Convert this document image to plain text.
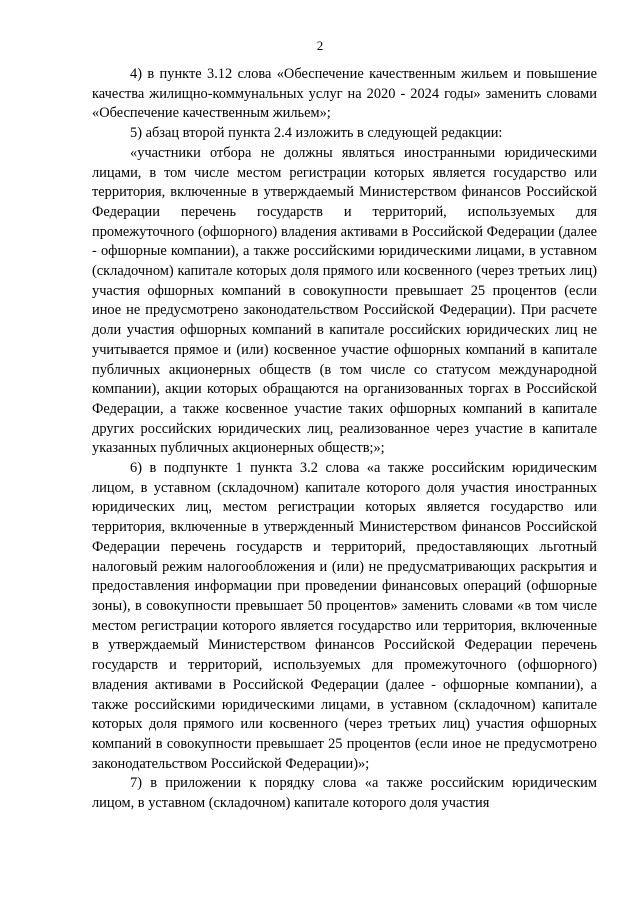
2

4) в пункте 3.12 слова «Обеспечение качественным жильем и повышение качества жилищно-коммунальных услуг на 2020 - 2024 годы» заменить словами «Обеспечение качественным жильем»;

5) абзац второй пункта 2.4 изложить в следующей редакции:

«участники отбора не должны являться иностранными юридическими лицами, в том числе местом регистрации которых является государство или территория, включенные в утверждаемый Министерством финансов Российской Федерации перечень государств и территорий, используемых для промежуточного (офшорного) владения активами в Российской Федерации (далее - офшорные компании), а также российскими юридическими лицами, в уставном (складочном) капитале которых доля прямого или косвенного (через третьих лиц) участия офшорных компаний в совокупности превышает 25 процентов (если иное не предусмотрено законодательством Российской Федерации). При расчете доли участия офшорных компаний в капитале российских юридических лиц не учитывается прямое и (или) косвенное участие офшорных компаний в капитале публичных акционерных обществ (в том числе со статусом международной компании), акции которых обращаются на организованных торгах в Российской Федерации, а также косвенное участие таких офшорных компаний в капитале других российских юридических лиц, реализованное через участие в капитале указанных публичных акционерных обществ;»;

6) в подпункте 1 пункта 3.2 слова «а также российским юридическим лицом, в уставном (складочном) капитале которого доля участия иностранных юридических лиц, местом регистрации которых является государство или территория, включенные в утвержденный Министерством финансов Российской Федерации перечень государств и территорий, предоставляющих льготный налоговый режим налогообложения и (или) не предусматривающих раскрытия и предоставления информации при проведении финансовых операций (офшорные зоны), в совокупности превышает 50 процентов» заменить словами «в том числе местом регистрации которого является государство или территория, включенные в утверждаемый Министерством финансов Российской Федерации перечень государств и территорий, используемых для промежуточного (офшорного) владения активами в Российской Федерации (далее - офшорные компании), а также российскими юридическими лицами, в уставном (складочном) капитале которых доля прямого или косвенного (через третьих лиц) участия офшорных компаний в совокупности превышает 25 процентов (если иное не предусмотрено законодательством Российской Федерации)»;

7) в приложении к порядку слова «а также российским юридическим лицом, в уставном (складочном) капитале которого доля участия
